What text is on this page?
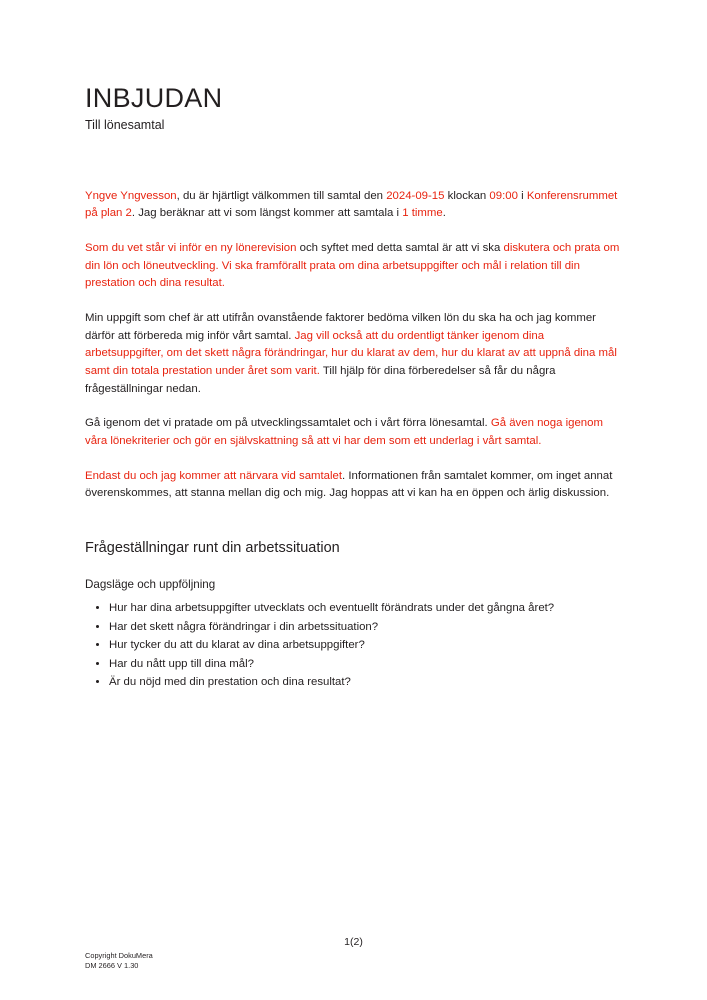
INBJUDAN
Till lönesamtal

Yngve Yngvesson, du är hjärtligt välkommen till samtal den 2024-09-15 klockan 09:00 i Konferensrummet på plan 2. Jag beräknar att vi som längst kommer att samtala i 1 timme.

Som du vet står vi inför en ny lönerevision och syftet med detta samtal är att vi ska diskutera och prata om din lön och löneutveckling. Vi ska framförallt prata om dina arbetsuppgifter och mål i relation till din prestation och dina resultat.

Min uppgift som chef är att utifrån ovanstående faktorer bedöma vilken lön du ska ha och jag kommer därför att förbereda mig inför vårt samtal. Jag vill också att du ordentligt tänker igenom dina arbetsuppgifter, om det skett några förändringar, hur du klarat av dem, hur du klarat av att uppnå dina mål samt din totala prestation under året som varit. Till hjälp för dina förberedelser så får du några frågeställningar nedan.

Gå igenom det vi pratade om på utvecklingssamtalet och i vårt förra lönesamtal. Gå även noga igenom våra lönekriterier och gör en självskattning så att vi har dem som ett underlag i vårt samtal.

Endast du och jag kommer att närvara vid samtalet. Informationen från samtalet kommer, om inget annat överenskommes, att stanna mellan dig och mig. Jag hoppas att vi kan ha en öppen och ärlig diskussion.

Frågeställningar runt din arbetssituation
Dagsläge och uppföljning
• Hur har dina arbetsuppgifter utvecklats och eventuellt förändrats under det gångna året?
• Har det skett några förändringar i din arbetssituation?
• Hur tycker du att du klarat av dina arbetsuppgifter?
• Har du nått upp till dina mål?
• Är du nöjd med din prestation och dina resultat?
1(2)
Copyright DokuMera
DM 2666 V 1.30
